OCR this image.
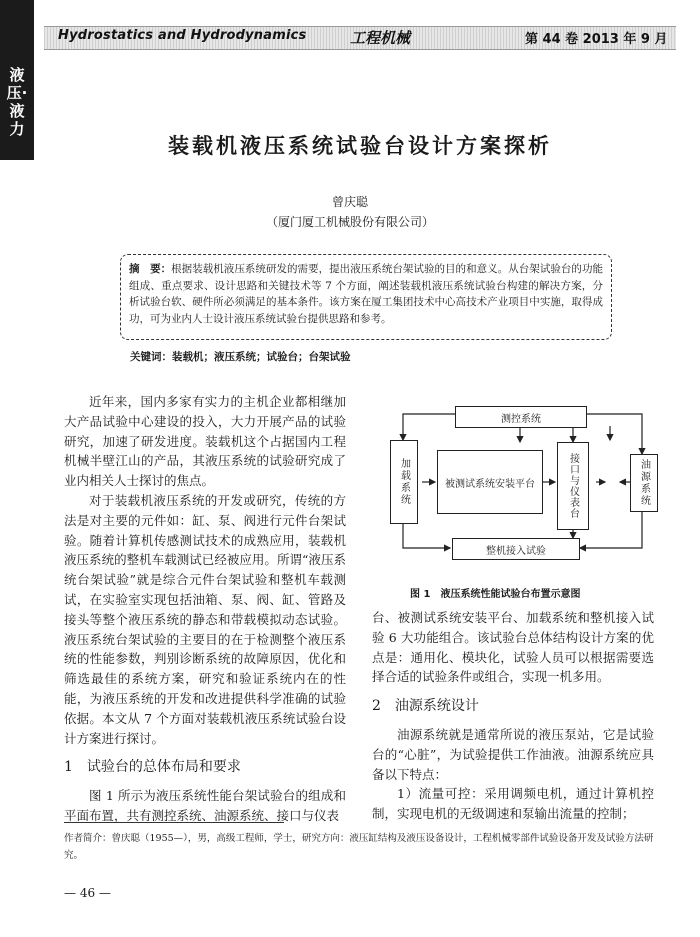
Hydrostatics and Hydrodynamics	工程机械	第 44 卷 2013 年 9 月
液压·液力
装载机液压系统试验台设计方案探析
曾庆聪
（厦门厦工机械股份有限公司）
摘　要：根据装载机液压系统研发的需要，提出液压系统台架试验的目的和意义。从台架试验台的功能组成、重点要求、设计思路和关键技术等 7 个方面，阐述装载机液压系统试验台构建的解决方案，分析试验台软、硬件所必须满足的基本条件。该方案在厦工集团技术中心高技术产业项目中实施，取得成功，可为业内人士设计液压系统试验台提供思路和参考。
关键词：装载机；液压系统；试验台；台架试验

近年来，国内多家有实力的主机企业都相继加大产品试验中心建设的投入，大力开展产品的试验研究，加速了研发进度。装载机这个占据国内工程机械半壁江山的产品，其液压系统的试验研究成了业内相关人士探讨的焦点。

对于装载机液压系统的开发或研究，传统的方法是对主要的元件如：缸、泵、阀进行元件台架试验。随着计算机传感测试技术的成熟应用，装载机液压系统的整机车载测试已经被应用。所谓“液压系统台架试验”就是综合元件台架试验和整机车载测试，在实验室实现包括油箱、泵、阀、缸、管路及接头等整个液压系统的静态和带载模拟动态试验。液压系统台架试验的主要目的在于检测整个液压系统的性能参数，判别诊断系统的故障原因，优化和筛选最佳的系统方案，研究和验证系统内在的性能，为液压系统的开发和改进提供科学准确的试验依据。本文从 7 个方面对装载机液压系统试验台设计方案进行探讨。

1　试验台的总体布局和要求

图 1 所示为液压系统性能台架试验台的组成和平面布置，共有测控系统、油源系统、接口与仪表

测控系统
加载系统	被测试系统安装平台	接口与仪表台	油源系统
整机接入试验
图 1　液压系统性能试验台布置示意图

台、被测试系统安装平台、加载系统和整机接入试验 6 大功能组合。该试验台总体结构设计方案的优点是：通用化、模块化，试验人员可以根据需要选择合适的试验条件或组合，实现一机多用。

2　油源系统设计

油源系统就是通常所说的液压泵站，它是试验台的“心脏”，为试验提供工作油液。油源系统应具备以下特点：

1）流量可控：采用调频电机，通过计算机控制，实现电机的无级调速和泵输出流量的控制；

作者简介：曾庆聪（1955—），男，高级工程师，学士，研究方向：液压缸结构及液压设备设计，工程机械零部件试验设备开发及试验方法研究。
— 46 —
